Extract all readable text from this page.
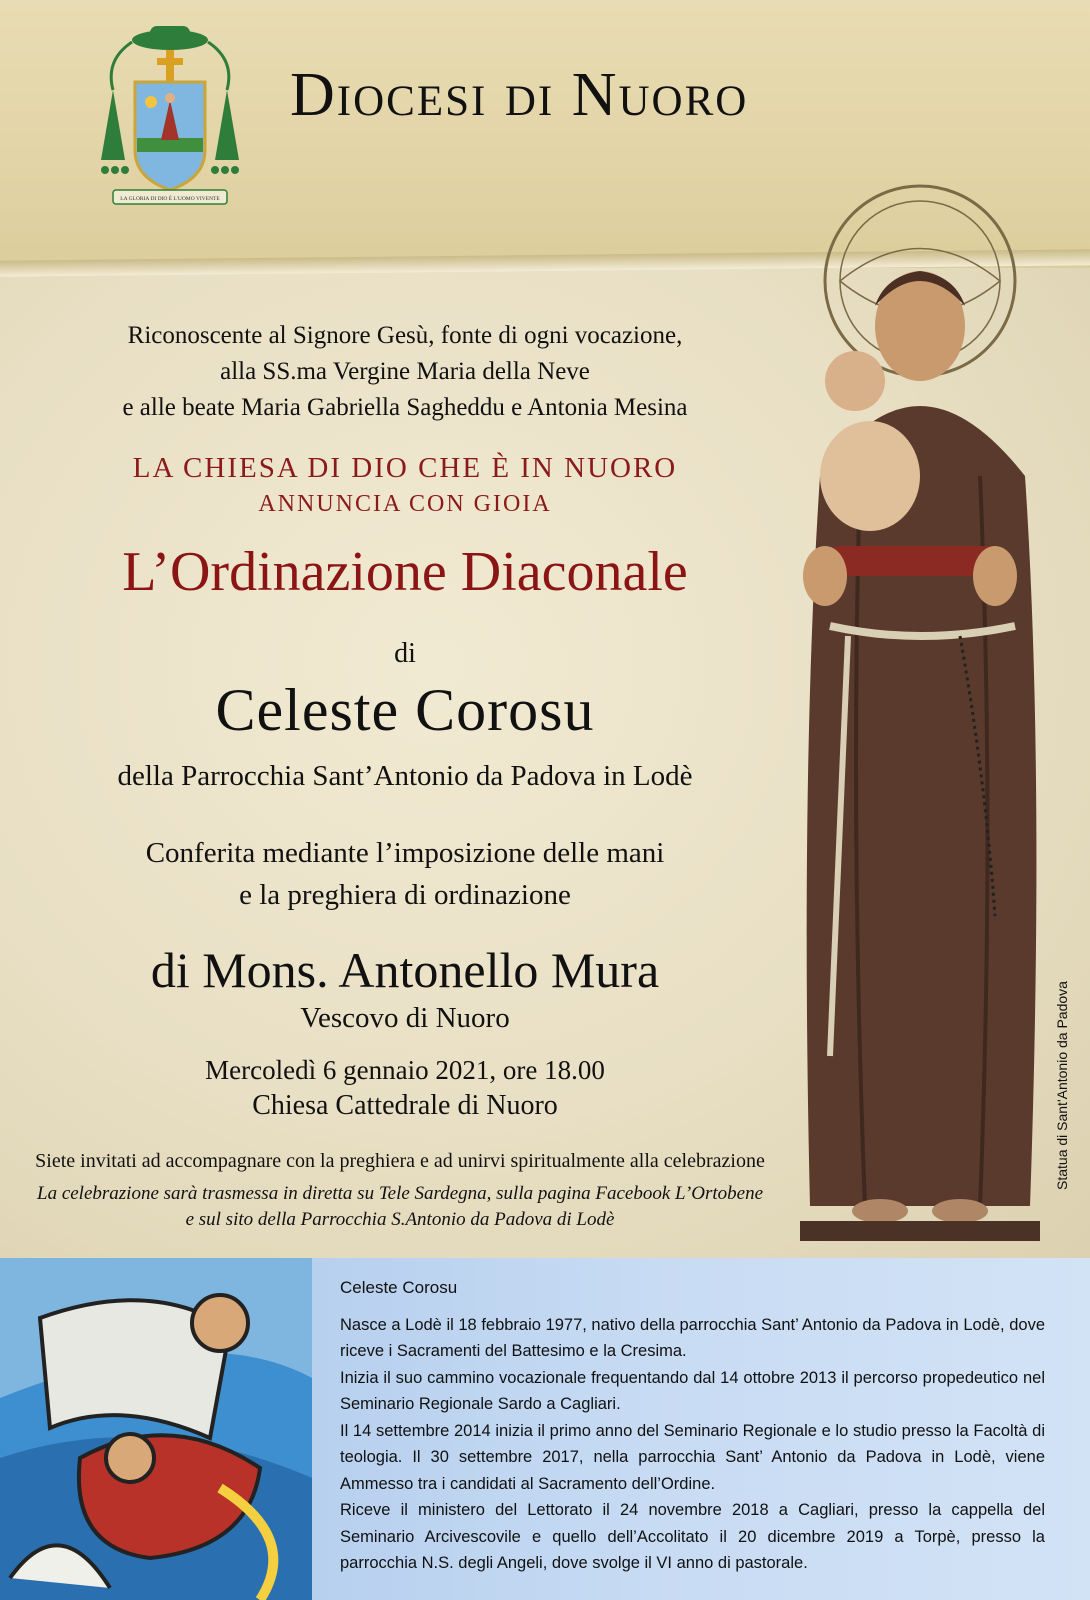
LA GLORIA DI DIO È L'UOMO VIVENTE
Diocesi di Nuoro
Riconoscente al Signore Gesù, fonte di ogni vocazione,
alla SS.ma Vergine Maria della Neve
e alle beate Maria Gabriella Sagheddu e Antonia Mesina
LA CHIESA DI DIO CHE È IN NUORO
ANNUNCIA CON GIOIA
L’Ordinazione Diaconale
di
Celeste Corosu
della Parrocchia Sant’Antonio da Padova in Lodè
Conferita mediante l’imposizione delle mani
e la preghiera di ordinazione
di Mons. Antonello Mura
Vescovo di Nuoro
Mercoledì 6 gennaio 2021, ore 18.00
Chiesa Cattedrale di Nuoro
Siete invitati ad accompagnare con la preghiera e ad unirvi spiritualmente alla celebrazione
La celebrazione sarà trasmessa in diretta su Tele Sardegna, sulla pagina Facebook L’Ortobene
e sul sito della Parrocchia S.Antonio da Padova di Lodè
Statua di Sant'Antonio da Padova
Celeste Corosu

Nasce a Lodè il 18 febbraio 1977, nativo della parrocchia Sant’ Antonio da Padova in Lodè, dove riceve i Sacramenti del Battesimo e la Cresima.

Inizia il suo cammino vocazionale frequentando dal 14 ottobre 2013 il percorso propedeutico nel Seminario Regionale Sardo a Cagliari.

Il 14 settembre 2014 inizia il primo anno del Seminario Regionale e lo studio presso la Facoltà di teologia. Il 30 settembre 2017, nella parrocchia Sant’ Antonio da Padova in Lodè, viene Ammesso tra i candidati al Sacramento dell’Ordine.

Riceve il ministero del Lettorato il 24 novembre 2018 a Cagliari, presso la cappella del Seminario Arcivescovile e quello dell’Accolitato il 20 dicembre 2019 a Torpè, presso la parrocchia N.S. degli Angeli, dove svolge il VI anno di pastorale.
